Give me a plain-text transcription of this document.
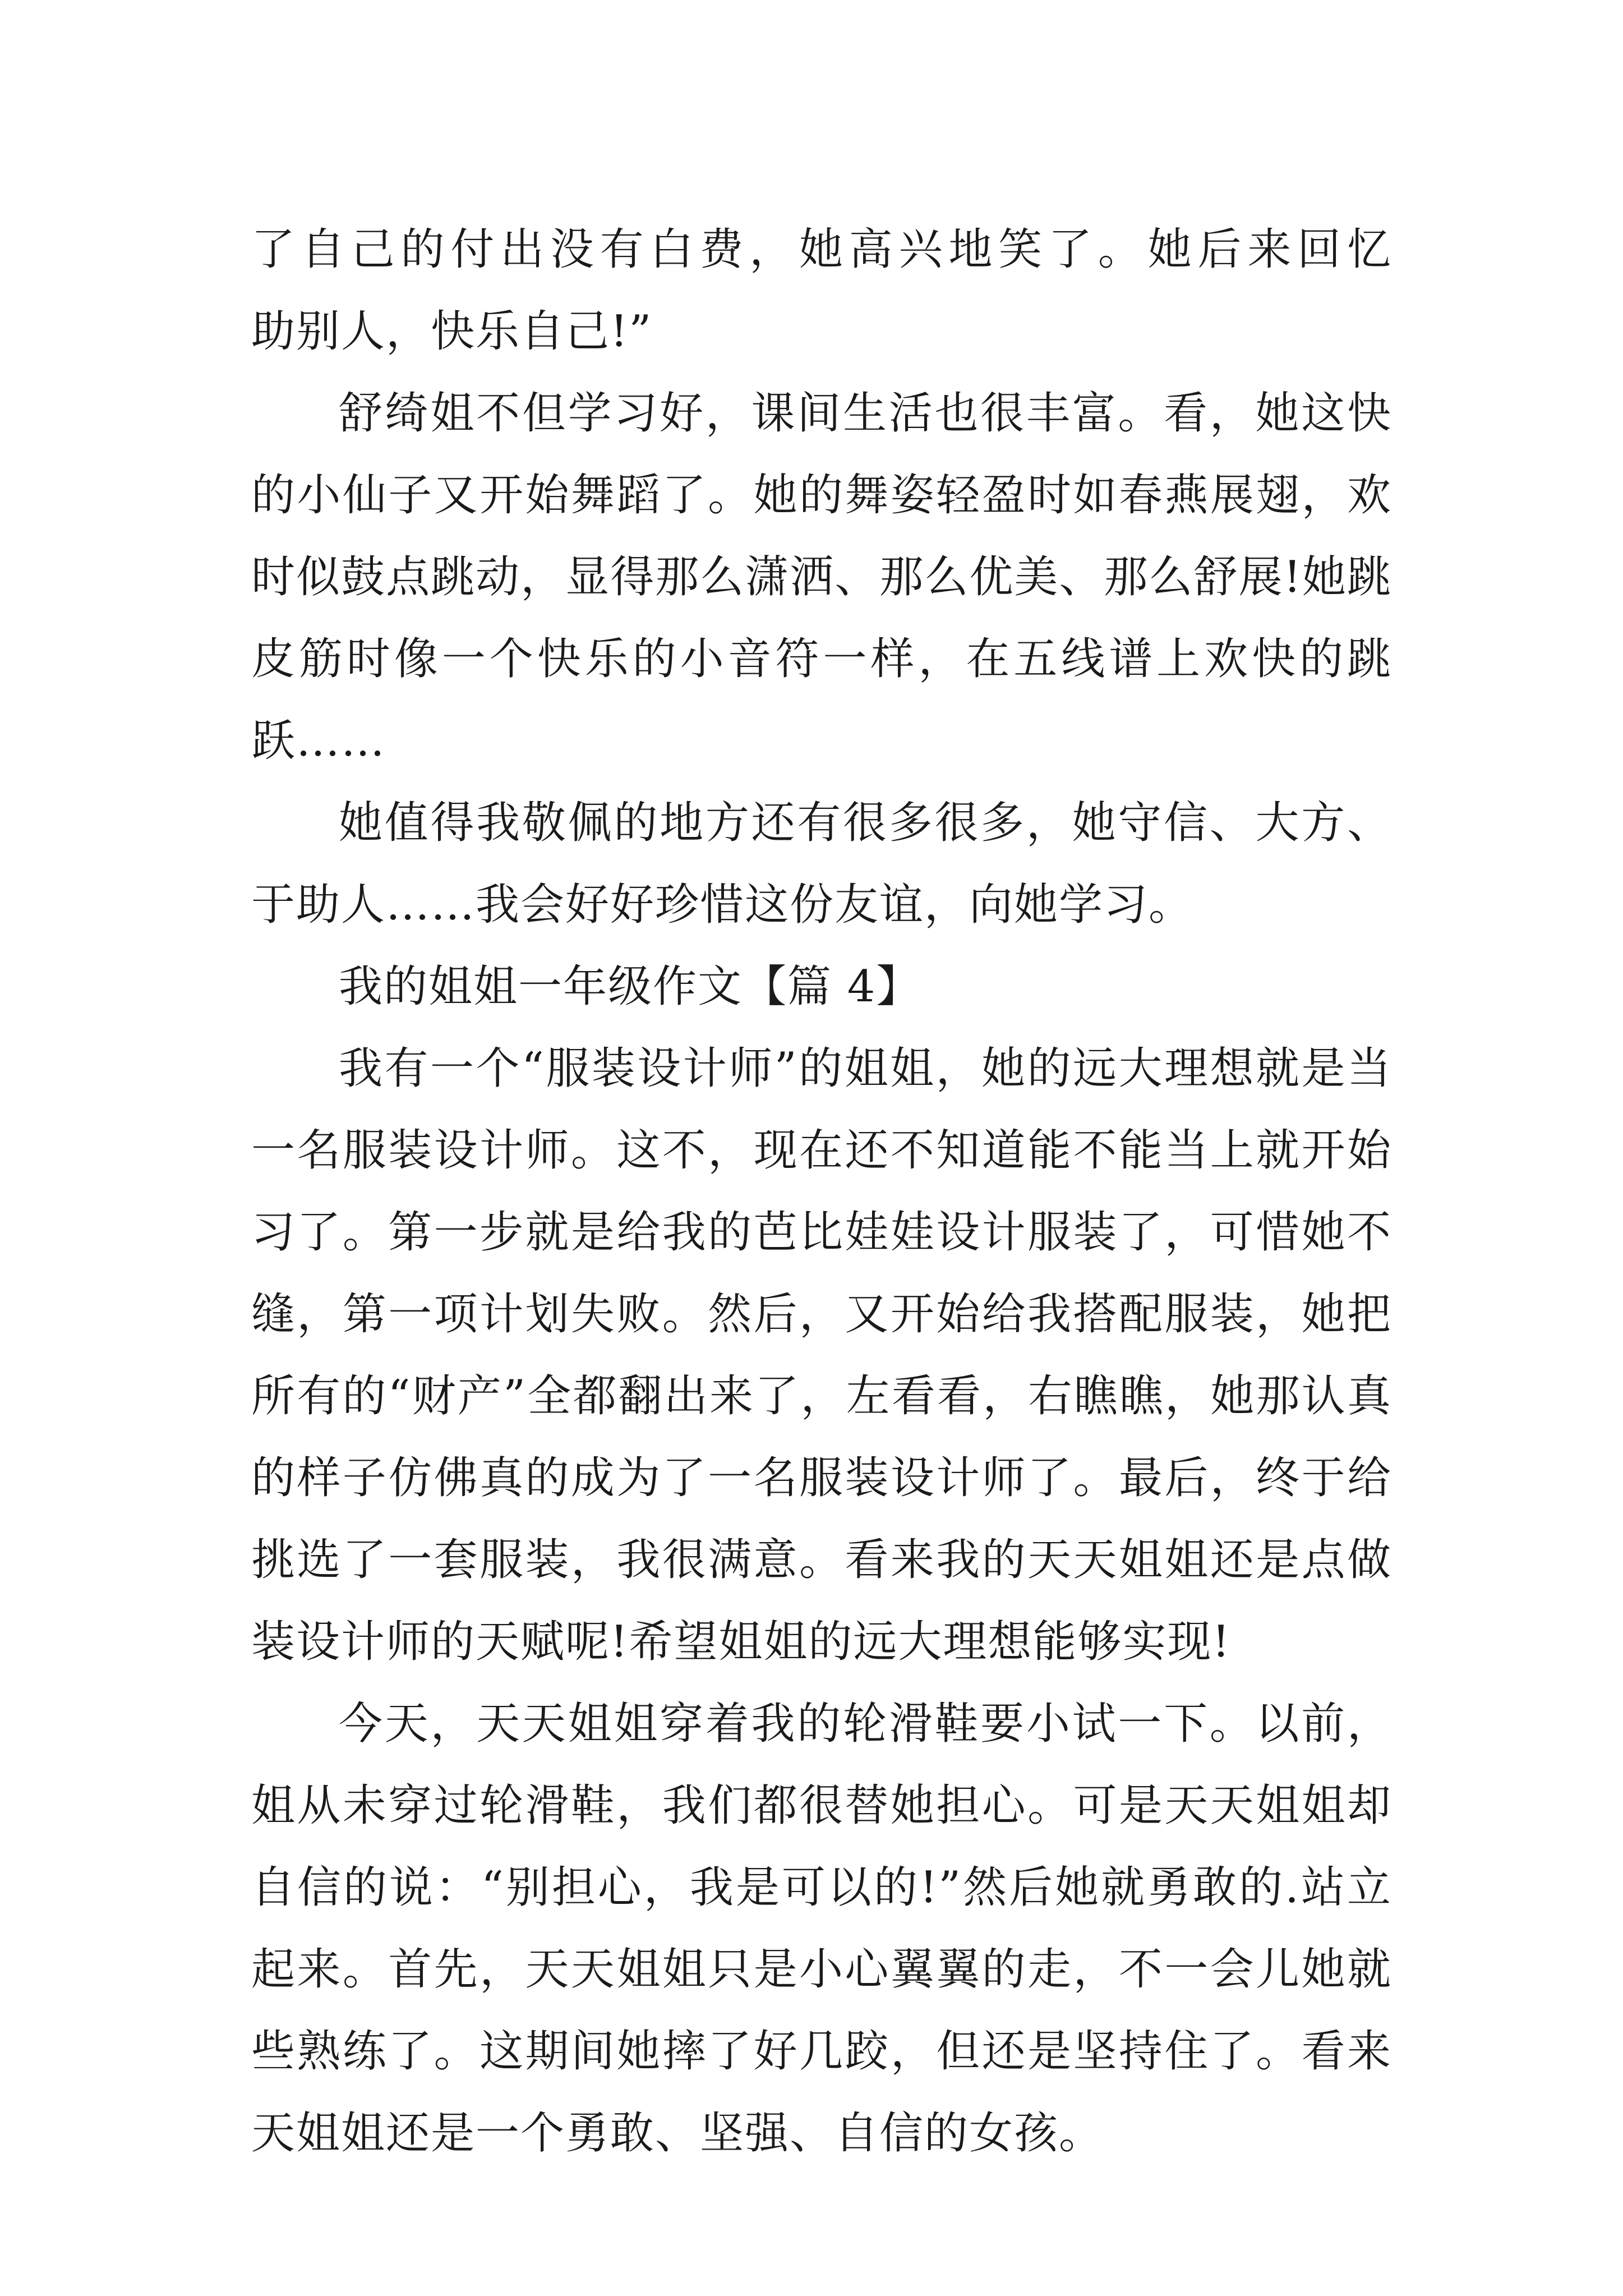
了自己的付出没有白费，她高兴地笑了。她后来回忆
助别人，快乐自己!”
舒绮姐不但学习好，课间生活也很丰富。看，她这快
的小仙子又开始舞蹈了。她的舞姿轻盈时如春燕展翅，欢
时似鼓点跳动，显得那么潇洒、那么优美、那么舒展!她跳
皮筋时像一个快乐的小音符一样，在五线谱上欢快的跳
跃……
她值得我敬佩的地方还有很多很多，她守信、大方、
于助人……我会好好珍惜这份友谊，向她学习。
我的姐姐一年级作文【篇 4】
我有一个“服装设计师”的姐姐，她的远大理想就是当
一名服装设计师。这不，现在还不知道能不能当上就开始
习了。第一步就是给我的芭比娃娃设计服装了，可惜她不
缝，第一项计划失败。然后，又开始给我搭配服装，她把
所有的“财产”全都翻出来了，左看看，右瞧瞧，她那认真
的样子仿佛真的成为了一名服装设计师了。最后，终于给
挑选了一套服装，我很满意。看来我的天天姐姐还是点做
装设计师的天赋呢!希望姐姐的远大理想能够实现!
今天，天天姐姐穿着我的轮滑鞋要小试一下。以前，
姐从未穿过轮滑鞋，我们都很替她担心。可是天天姐姐却
自信的说：“别担心，我是可以的!”然后她就勇敢的.站立
起来。首先，天天姐姐只是小心翼翼的走，不一会儿她就
些熟练了。这期间她摔了好几跤，但还是坚持住了。看来
天姐姐还是一个勇敢、坚强、自信的女孩。
